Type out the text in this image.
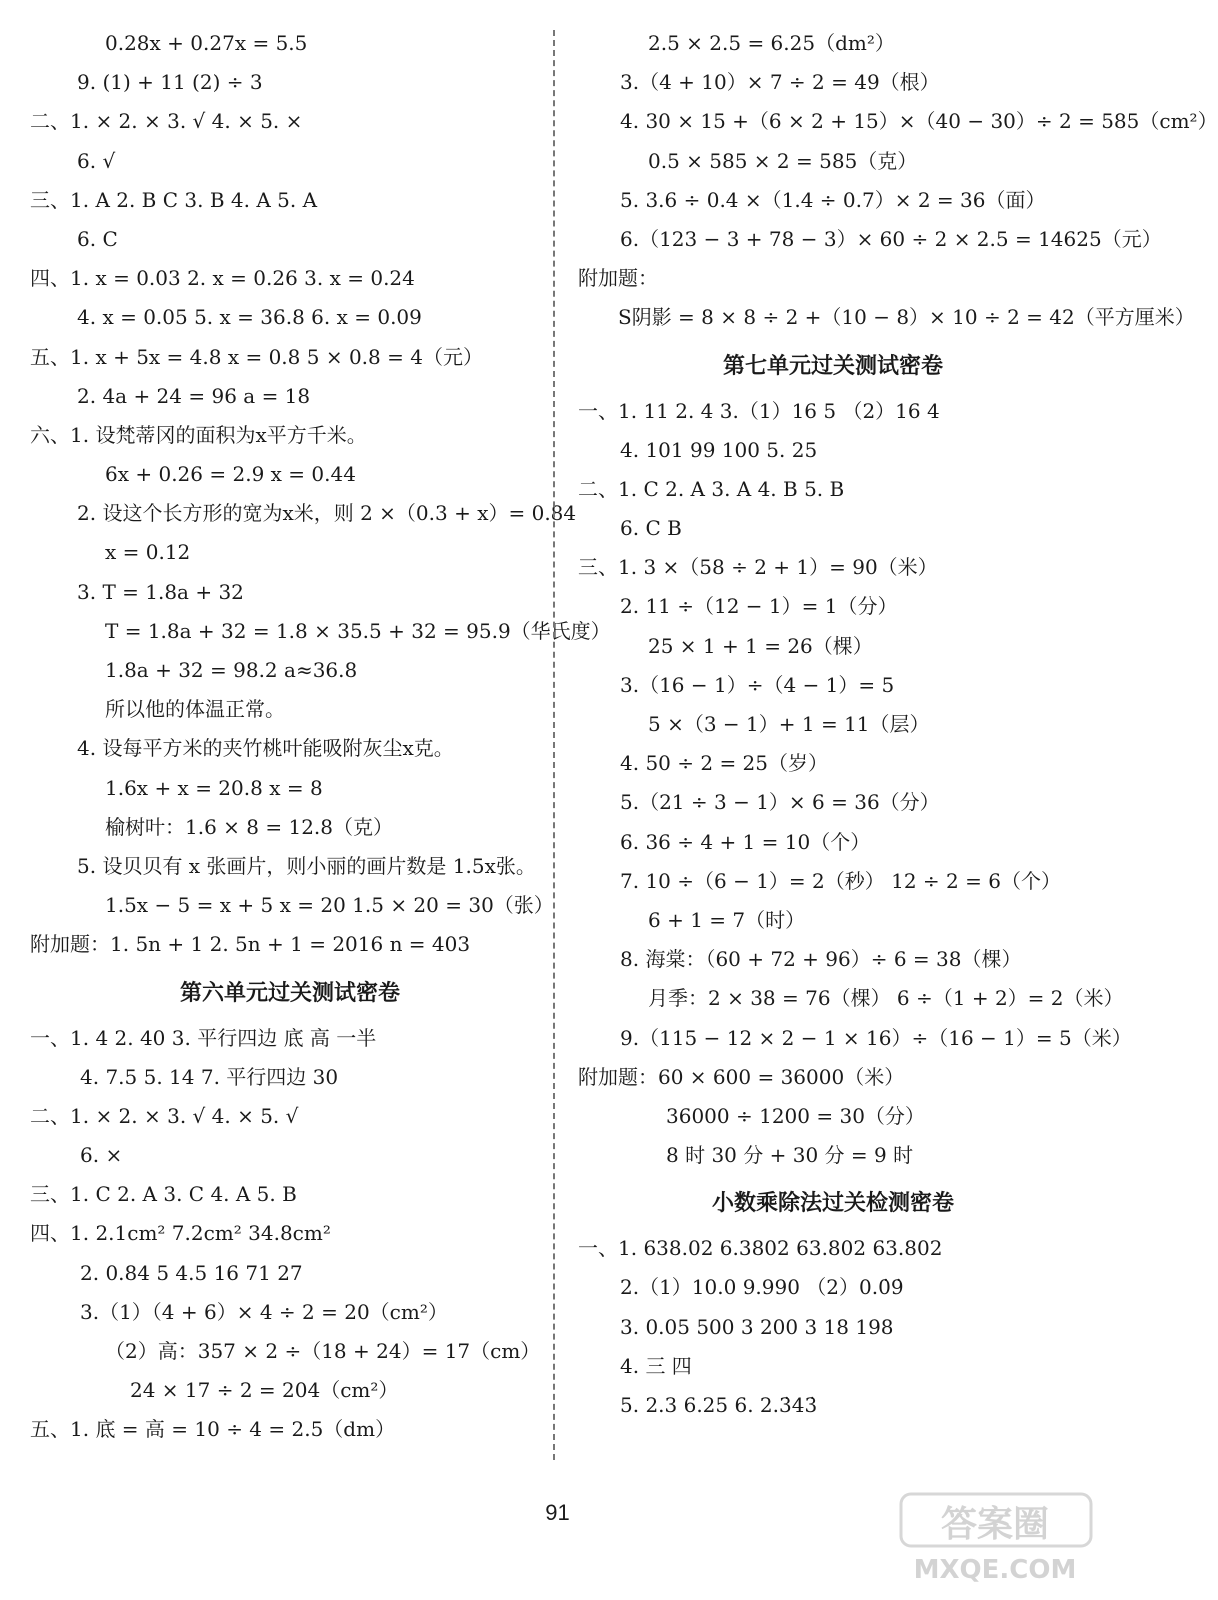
0.28x + 0.27x = 5.5
9. (1) + 11 (2) ÷ 3
二、1. × 2. × 3. √ 4. × 5. ×
6. √
三、1. A 2. B C 3. B 4. A 5. A
6. C
四、1. x = 0.03 2. x = 0.26 3. x = 0.24
4. x = 0.05 5. x = 36.8 6. x = 0.09
五、1. x + 5x = 4.8 x = 0.8 5 × 0.8 = 4（元）
2. 4a + 24 = 96 a = 18
六、1. 设梵蒂冈的面积为x平方千米。
6x + 0.26 = 2.9 x = 0.44
2. 设这个长方形的宽为x米，则 2 ×（0.3 + x）= 0.84
x = 0.12
3. T = 1.8a + 32
T = 1.8a + 32 = 1.8 × 35.5 + 32 = 95.9（华氏度）
1.8a + 32 = 98.2 a≈36.8
所以他的体温正常。
4. 设每平方米的夹竹桃叶能吸附灰尘x克。
1.6x + x = 20.8 x = 8
榆树叶：1.6 × 8 = 12.8（克）
5. 设贝贝有 x 张画片，则小丽的画片数是 1.5x张。
1.5x − 5 = x + 5 x = 20 1.5 × 20 = 30（张）
附加题：1. 5n + 1 2. 5n + 1 = 2016 n = 403
第六单元过关测试密卷
一、1. 4 2. 40 3. 平行四边 底 高 一半
4. 7.5 5. 14 7. 平行四边 30
二、1. × 2. × 3. √ 4. × 5. √
6. ×
三、1. C 2. A 3. C 4. A 5. B
四、1. 2.1cm² 7.2cm² 34.8cm²
2. 0.84 5 4.5 16 71 27
3.（1）（4 + 6）× 4 ÷ 2 = 20（cm²）
（2）高：357 × 2 ÷（18 + 24）= 17（cm）
24 × 17 ÷ 2 = 204（cm²）
五、1. 底 = 高 = 10 ÷ 4 = 2.5（dm）
2.5 × 2.5 = 6.25（dm²）
3.（4 + 10）× 7 ÷ 2 = 49（根）
4. 30 × 15 +（6 × 2 + 15）×（40 − 30）÷ 2 = 585（cm²）
0.5 × 585 × 2 = 585（克）
5. 3.6 ÷ 0.4 ×（1.4 ÷ 0.7）× 2 = 36（面）
6.（123 − 3 + 78 − 3）× 60 ÷ 2 × 2.5 = 14625（元）
附加题：
S阴影 = 8 × 8 ÷ 2 +（10 − 8）× 10 ÷ 2 = 42（平方厘米）
第七单元过关测试密卷
一、1. 11 2. 4 3.（1）16 5 （2）16 4
4. 101 99 100 5. 25
二、1. C 2. A 3. A 4. B 5. B
6. C B
三、1. 3 ×（58 ÷ 2 + 1）= 90（米）
2. 11 ÷（12 − 1）= 1（分）
25 × 1 + 1 = 26（棵）
3.（16 − 1）÷（4 − 1）= 5
5 ×（3 − 1）+ 1 = 11（层）
4. 50 ÷ 2 = 25（岁）
5.（21 ÷ 3 − 1）× 6 = 36（分）
6. 36 ÷ 4 + 1 = 10（个）
7. 10 ÷（6 − 1）= 2（秒） 12 ÷ 2 = 6（个）
6 + 1 = 7（时）
8. 海棠：（60 + 72 + 96）÷ 6 = 38（棵）
月季：2 × 38 = 76（棵） 6 ÷（1 + 2）= 2（米）
9.（115 − 12 × 2 − 1 × 16）÷（16 − 1）= 5（米）
附加题：60 × 600 = 36000（米）
36000 ÷ 1200 = 30（分）
8 时 30 分 + 30 分 = 9 时
小数乘除法过关检测密卷
一、1. 638.02 6.3802 63.802 63.802
2.（1）10.0 9.990 （2）0.0̇9̇
3. 0.05 500 3 200 3 18 198
4. 三 四
5. 2.3 6.25 6. 2.3̇43̇
91	答案圈
MXQE.COM
